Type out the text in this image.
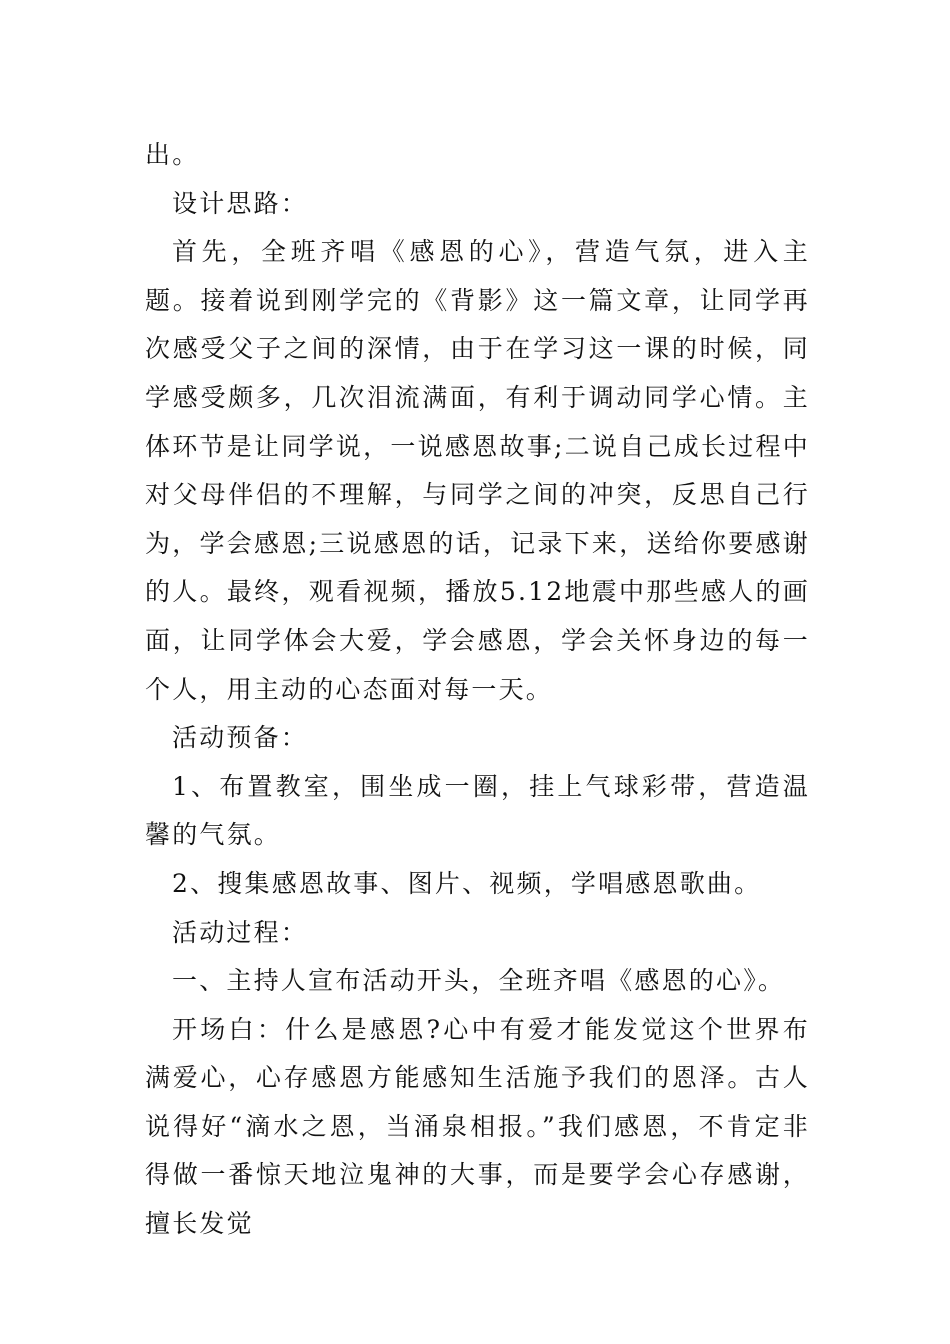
出。

设计思路：

首先，全班齐唱《感恩的心》，营造气氛，进入主题。接着说到刚学完的《背影》这一篇文章，让同学再次感受父子之间的深情，由于在学习这一课的时候，同学感受颇多，几次泪流满面，有利于调动同学心情。主体环节是让同学说，一说感恩故事;二说自己成长过程中对父母伴侣的不理解，与同学之间的冲突，反思自己行为，学会感恩;三说感恩的话，记录下来，送给你要感谢的人。最终，观看视频，播放5.12地震中那些感人的画面，让同学体会大爱，学会感恩，学会关怀身边的每一个人，用主动的心态面对每一天。

活动预备：

1、布置教室，围坐成一圈，挂上气球彩带，营造温馨的气氛。

2、搜集感恩故事、图片、视频，学唱感恩歌曲。

活动过程：

一、主持人宣布活动开头，全班齐唱《感恩的心》。

开场白：什么是感恩?心中有爱才能发觉这个世界布满爱心，心存感恩方能感知生活施予我们的恩泽。古人说得好“滴水之恩，当涌泉相报。”我们感恩，不肯定非得做一番惊天地泣鬼神的大事，而是要学会心存感谢，擅长发觉
